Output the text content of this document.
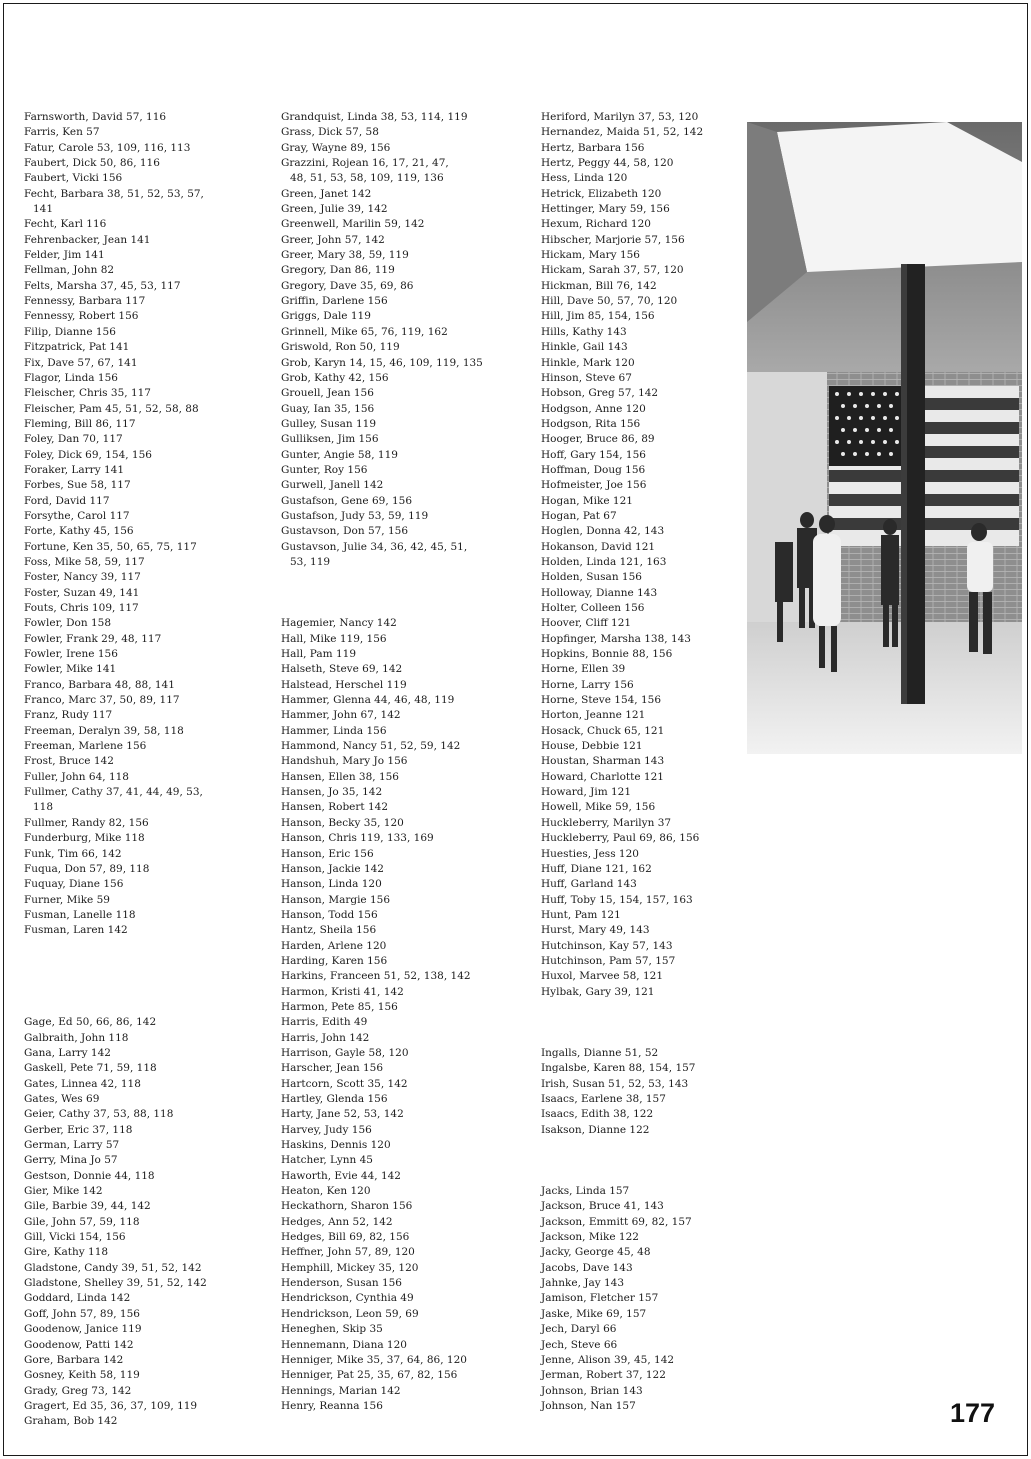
Farnsworth, David 57, 116
Farris, Ken 57
Fatur, Carole 53, 109, 116, 113
Faubert, Dick 50, 86, 116
Faubert, Vicki 156
Fecht, Barbara 38, 51, 52, 53, 57,
141
Fecht, Karl 116
Fehrenbacker, Jean 141
Felder, Jim 141
Fellman, John 82
Felts, Marsha 37, 45, 53, 117
Fennessy, Barbara 117
Fennessy, Robert 156
Filip, Dianne 156
Fitzpatrick, Pat 141
Fix, Dave 57, 67, 141
Flagor, Linda 156
Fleischer, Chris 35, 117
Fleischer, Pam 45, 51, 52, 58, 88
Fleming, Bill 86, 117
Foley, Dan 70, 117
Foley, Dick 69, 154, 156
Foraker, Larry 141
Forbes, Sue 58, 117
Ford, David 117
Forsythe, Carol 117
Forte, Kathy 45, 156
Fortune, Ken 35, 50, 65, 75, 117
Foss, Mike 58, 59, 117
Foster, Nancy 39, 117
Foster, Suzan 49, 141
Fouts, Chris 109, 117
Fowler, Don 158
Fowler, Frank 29, 48, 117
Fowler, Irene 156
Fowler, Mike 141
Franco, Barbara 48, 88, 141
Franco, Marc 37, 50, 89, 117
Franz, Rudy 117
Freeman, Deralyn 39, 58, 118
Freeman, Marlene 156
Frost, Bruce 142
Fuller, John 64, 118
Fullmer, Cathy 37, 41, 44, 49, 53,
118
Fullmer, Randy 82, 156
Funderburg, Mike 118
Funk, Tim 66, 142
Fuqua, Don 57, 89, 118
Fuquay, Diane 156
Furner, Mike 59
Fusman, Lanelle 118
Fusman, Laren 142
Gage, Ed 50, 66, 86, 142
Galbraith, John 118
Gana, Larry 142
Gaskell, Pete 71, 59, 118
Gates, Linnea 42, 118
Gates, Wes 69
Geier, Cathy 37, 53, 88, 118
Gerber, Eric 37, 118
German, Larry 57
Gerry, Mina Jo 57
Gestson, Donnie 44, 118
Gier, Mike 142
Gile, Barbie 39, 44, 142
Gile, John 57, 59, 118
Gill, Vicki 154, 156
Gire, Kathy 118
Gladstone, Candy 39, 51, 52, 142
Gladstone, Shelley 39, 51, 52, 142
Goddard, Linda 142
Goff, John 57, 89, 156
Goodenow, Janice 119
Goodenow, Patti 142
Gore, Barbara 142
Gosney, Keith 58, 119
Grady, Greg 73, 142
Gragert, Ed 35, 36, 37, 109, 119
Graham, Bob 142
Grandquist, Linda 38, 53, 114, 119
Grass, Dick 57, 58
Gray, Wayne 89, 156
Grazzini, Rojean 16, 17, 21, 47,
48, 51, 53, 58, 109, 119, 136
Green, Janet 142
Green, Julie 39, 142
Greenwell, Marilin 59, 142
Greer, John 57, 142
Greer, Mary 38, 59, 119
Gregory, Dan 86, 119
Gregory, Dave 35, 69, 86
Griffin, Darlene 156
Griggs, Dale 119
Grinnell, Mike 65, 76, 119, 162
Griswold, Ron 50, 119
Grob, Karyn 14, 15, 46, 109, 119, 135
Grob, Kathy 42, 156
Grouell, Jean 156
Guay, Ian 35, 156
Gulley, Susan 119
Gulliksen, Jim 156
Gunter, Angie 58, 119
Gunter, Roy 156
Gurwell, Janell 142
Gustafson, Gene 69, 156
Gustafson, Judy 53, 59, 119
Gustavson, Don 57, 156
Gustavson, Julie 34, 36, 42, 45, 51,
53, 119
Hagemier, Nancy 142
Hall, Mike 119, 156
Hall, Pam 119
Halseth, Steve 69, 142
Halstead, Herschel 119
Hammer, Glenna 44, 46, 48, 119
Hammer, John 67, 142
Hammer, Linda 156
Hammond, Nancy 51, 52, 59, 142
Handshuh, Mary Jo 156
Hansen, Ellen 38, 156
Hansen, Jo 35, 142
Hansen, Robert 142
Hanson, Becky 35, 120
Hanson, Chris 119, 133, 169
Hanson, Eric 156
Hanson, Jackie 142
Hanson, Linda 120
Hanson, Margie 156
Hanson, Todd 156
Hantz, Sheila 156
Harden, Arlene 120
Harding, Karen 156
Harkins, Franceen 51, 52, 138, 142
Harmon, Kristi 41, 142
Harmon, Pete 85, 156
Harris, Edith 49
Harris, John 142
Harrison, Gayle 58, 120
Harscher, Jean 156
Hartcorn, Scott 35, 142
Hartley, Glenda 156
Harty, Jane 52, 53, 142
Harvey, Judy 156
Haskins, Dennis 120
Hatcher, Lynn 45
Haworth, Evie 44, 142
Heaton, Ken 120
Heckathorn, Sharon 156
Hedges, Ann 52, 142
Hedges, Bill 69, 82, 156
Heffner, John 57, 89, 120
Hemphill, Mickey 35, 120
Henderson, Susan 156
Hendrickson, Cynthia 49
Hendrickson, Leon 59, 69
Heneghen, Skip 35
Hennemann, Diana 120
Henniger, Mike 35, 37, 64, 86, 120
Henniger, Pat 25, 35, 67, 82, 156
Hennings, Marian 142
Henry, Reanna 156
Heriford, Marilyn 37, 53, 120
Hernandez, Maida 51, 52, 142
Hertz, Barbara 156
Hertz, Peggy 44, 58, 120
Hess, Linda 120
Hetrick, Elizabeth 120
Hettinger, Mary 59, 156
Hexum, Richard 120
Hibscher, Marjorie 57, 156
Hickam, Mary 156
Hickam, Sarah 37, 57, 120
Hickman, Bill 76, 142
Hill, Dave 50, 57, 70, 120
Hill, Jim 85, 154, 156
Hills, Kathy 143
Hinkle, Gail 143
Hinkle, Mark 120
Hinson, Steve 67
Hobson, Greg 57, 142
Hodgson, Anne 120
Hodgson, Rita 156
Hooger, Bruce 86, 89
Hoff, Gary 154, 156
Hoffman, Doug 156
Hofmeister, Joe 156
Hogan, Mike 121
Hogan, Pat 67
Hoglen, Donna 42, 143
Hokanson, David 121
Holden, Linda 121, 163
Holden, Susan 156
Holloway, Dianne 143
Holter, Colleen 156
Hoover, Cliff 121
Hopfinger, Marsha 138, 143
Hopkins, Bonnie 88, 156
Horne, Ellen 39
Horne, Larry 156
Horne, Steve 154, 156
Horton, Jeanne 121
Hosack, Chuck 65, 121
House, Debbie 121
Houstan, Sharman 143
Howard, Charlotte 121
Howard, Jim 121
Howell, Mike 59, 156
Huckleberry, Marilyn 37
Huckleberry, Paul 69, 86, 156
Huesties, Jess 120
Huff, Diane 121, 162
Huff, Garland 143
Huff, Toby 15, 154, 157, 163
Hunt, Pam 121
Hurst, Mary 49, 143
Hutchinson, Kay 57, 143
Hutchinson, Pam 57, 157
Huxol, Marvee 58, 121
Hylbak, Gary 39, 121
Ingalls, Dianne 51, 52
Ingalsbe, Karen 88, 154, 157
Irish, Susan 51, 52, 53, 143
Isaacs, Earlene 38, 157
Isaacs, Edith 38, 122
Isakson, Dianne 122
Jacks, Linda 157
Jackson, Bruce 41, 143
Jackson, Emmitt 69, 82, 157
Jackson, Mike 122
Jacky, George 45, 48
Jacobs, Dave 143
Jahnke, Jay 143
Jamison, Fletcher 157
Jaske, Mike 69, 157
Jech, Daryl 66
Jech, Steve 66
Jenne, Alison 39, 45, 142
Jerman, Robert 37, 122
Johnson, Brian 143
Johnson, Nan 157	177
